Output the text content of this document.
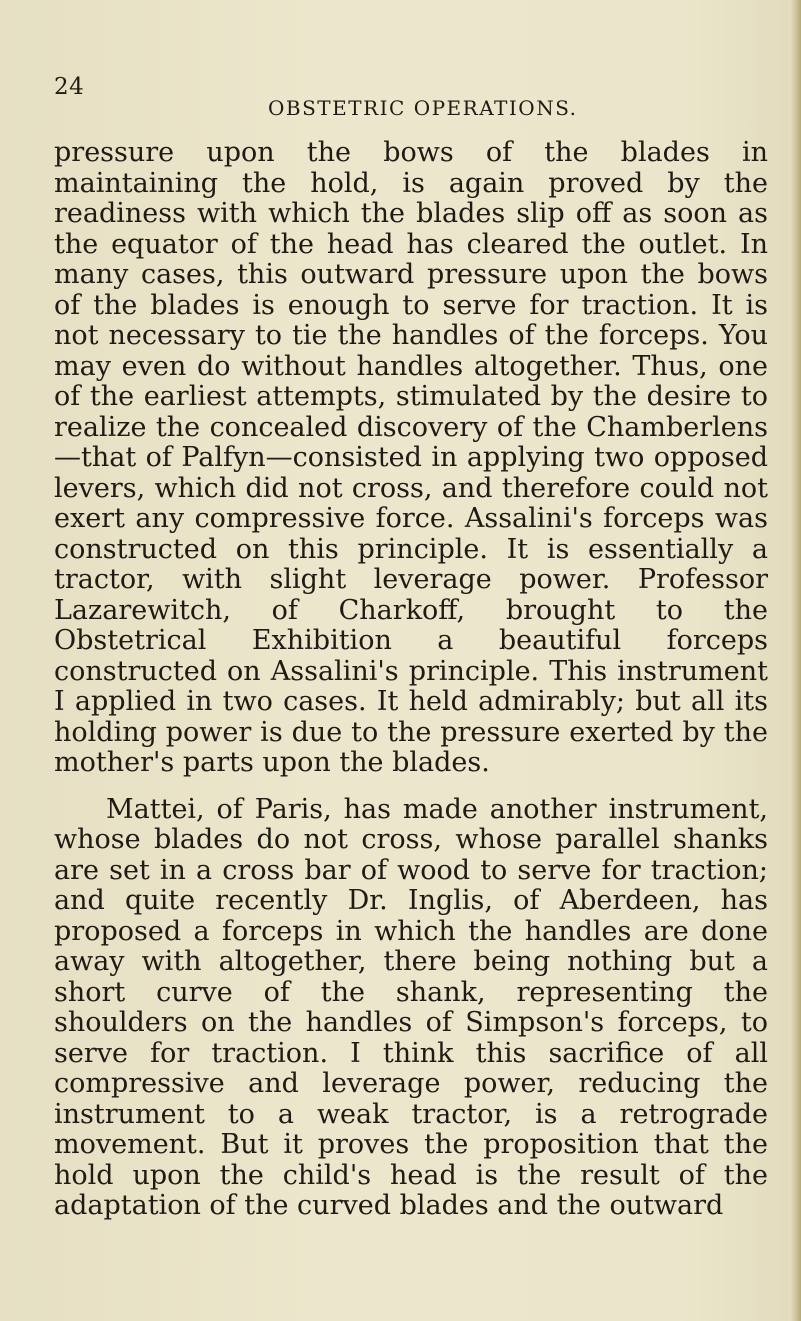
24
OBSTETRIC OPERATIONS.

pressure upon the bows of the blades in maintaining the hold, is again proved by the readiness with which the blades slip off as soon as the equator of the head has cleared the outlet. In many cases, this outward pressure upon the bows of the blades is enough to serve for traction. It is not necessary to tie the handles of the forceps. You may even do without handles altogether. Thus, one of the earliest attempts, stimulated by the desire to realize the concealed discovery of the Chamberlens—that of Palfyn—consisted in applying two opposed levers, which did not cross, and therefore could not exert any compressive force. Assalini's forceps was constructed on this principle. It is essentially a tractor, with slight leverage power. Professor Lazarewitch, of Charkoff, brought to the Obstetrical Exhibition a beautiful forceps constructed on Assalini's principle. This instrument I applied in two cases. It held admirably; but all its holding power is due to the pressure exerted by the mother's parts upon the blades.

Mattei, of Paris, has made another instrument, whose blades do not cross, whose parallel shanks are set in a cross bar of wood to serve for traction; and quite recently Dr. Inglis, of Aberdeen, has proposed a forceps in which the handles are done away with altogether, there being nothing but a short curve of the shank, representing the shoulders on the handles of Simpson's forceps, to serve for traction. I think this sacrifice of all compressive and leverage power, reducing the instrument to a weak tractor, is a retrograde movement. But it proves the proposition that the hold upon the child's head is the result of the adaptation of the curved blades and the outward
